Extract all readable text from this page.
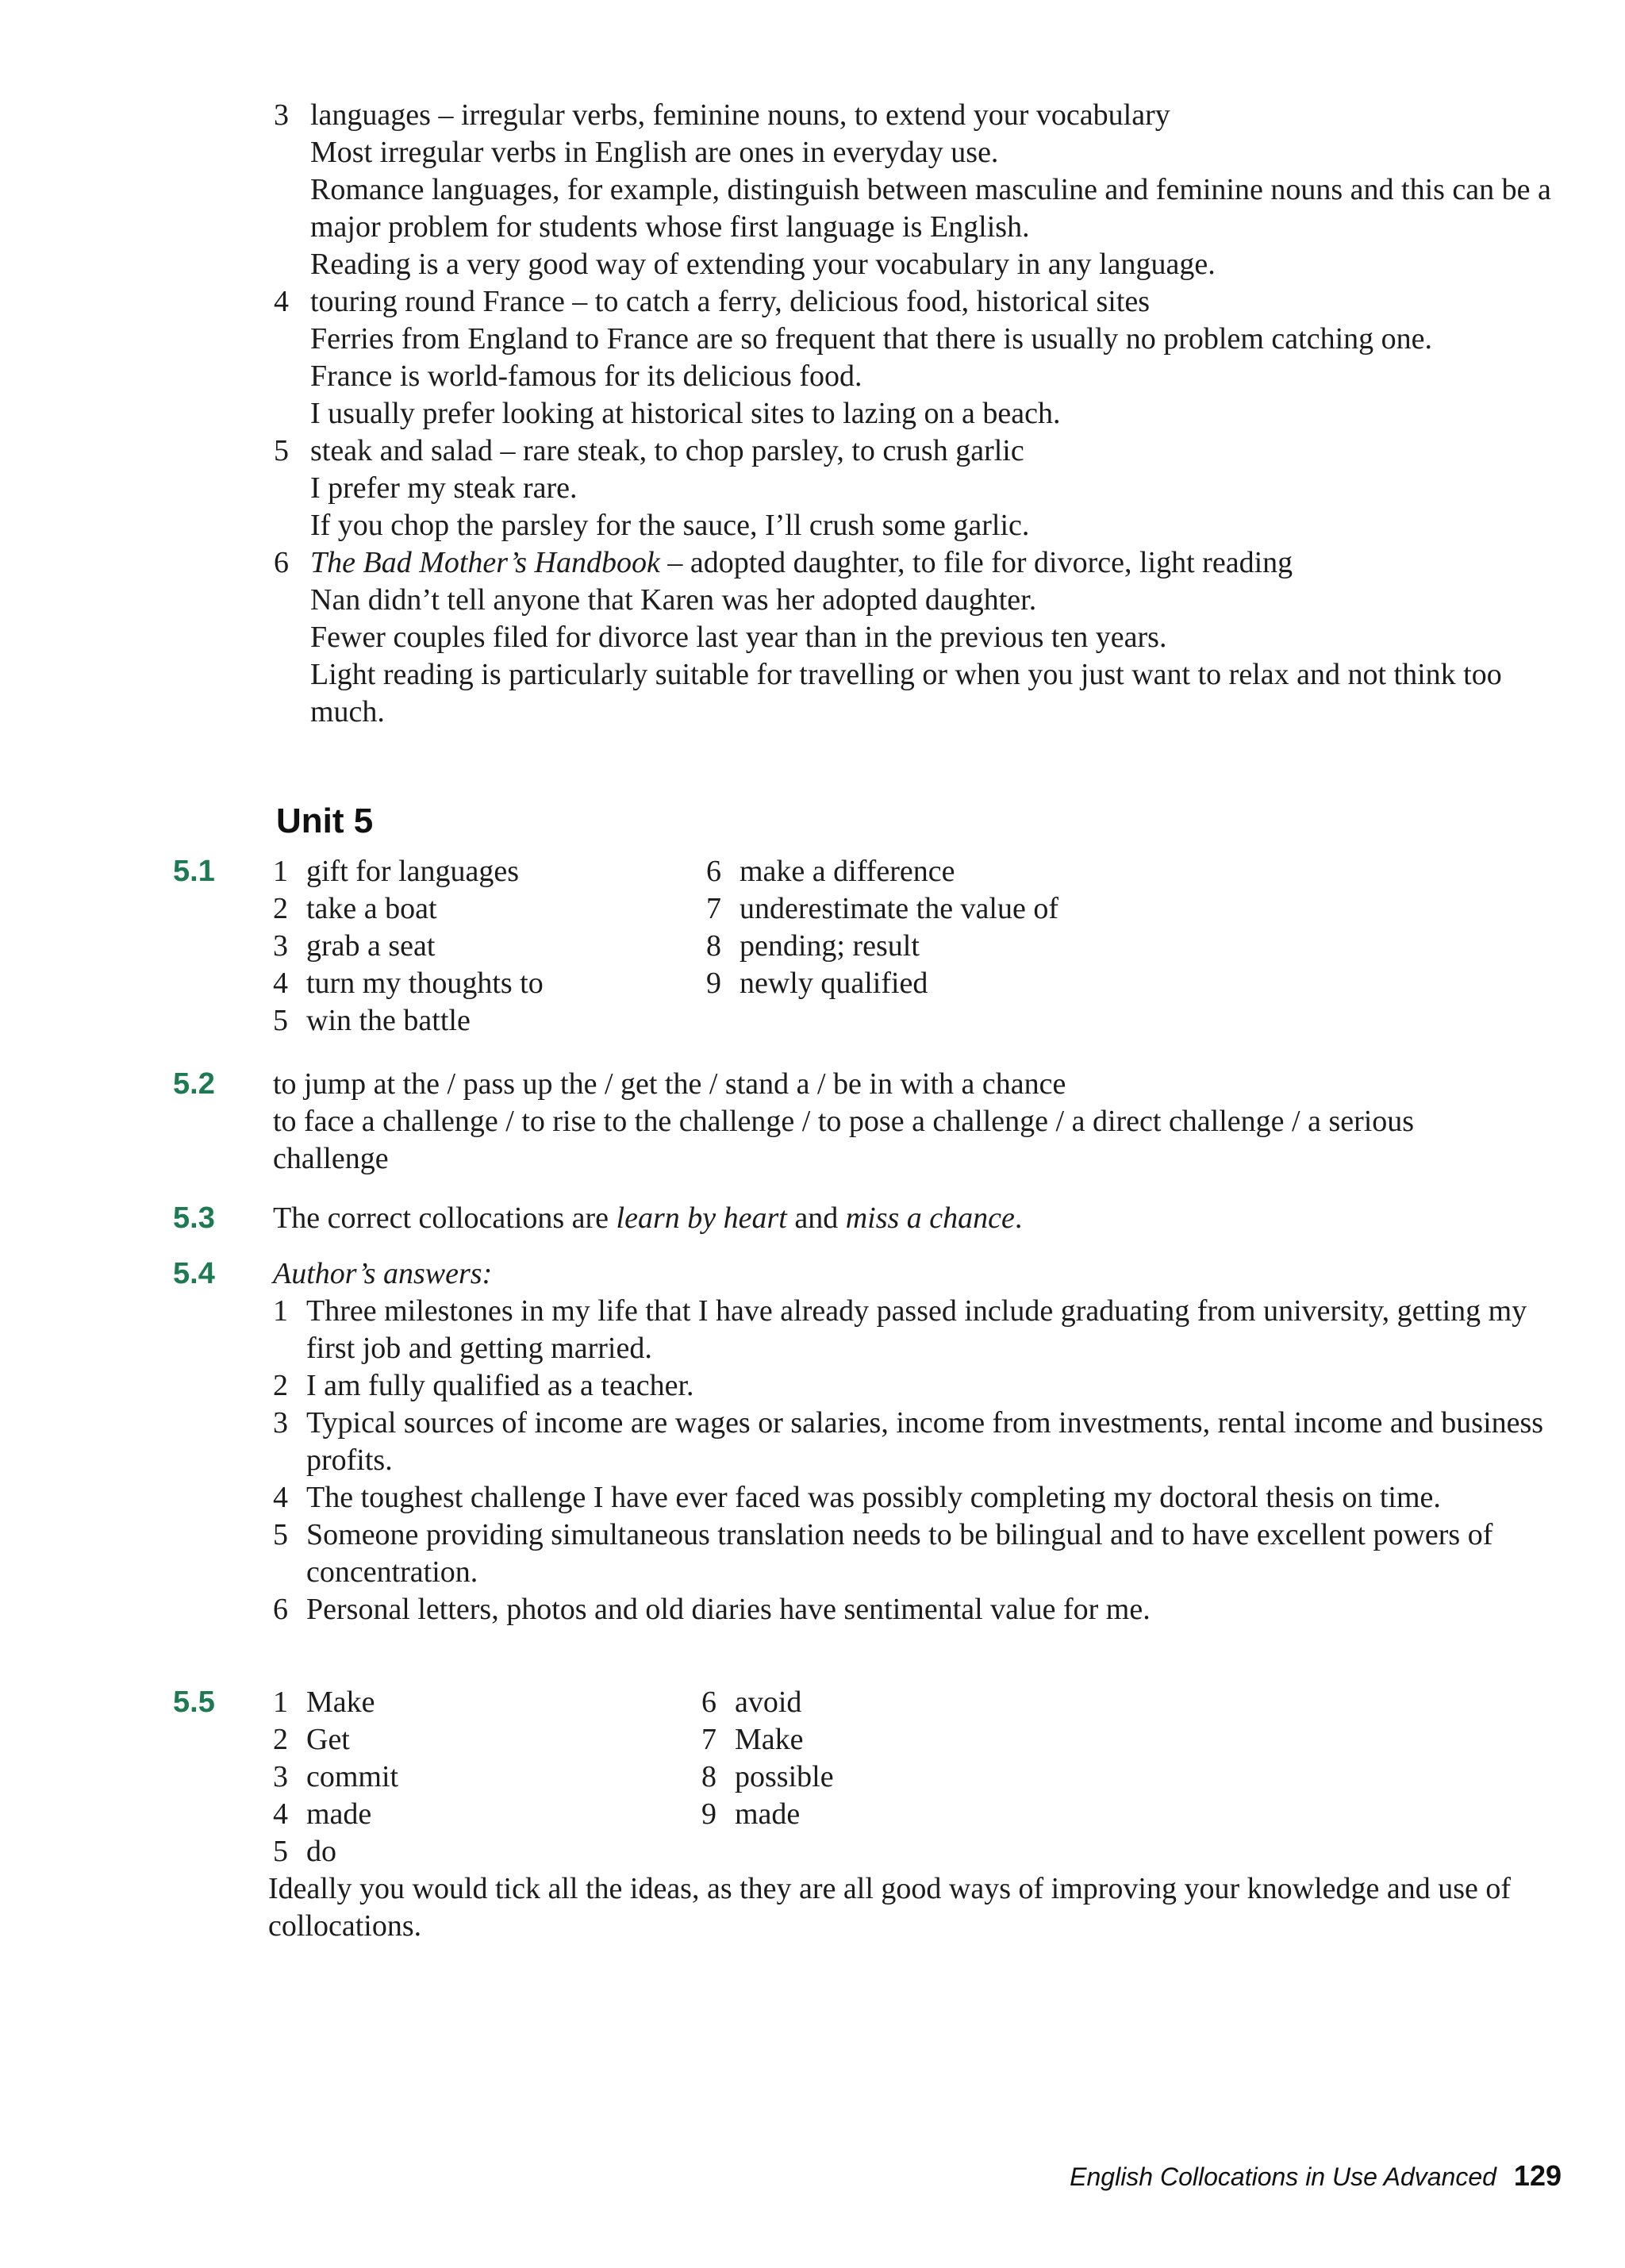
3 languages – irregular verbs, feminine nouns, to extend your vocabulary
Most irregular verbs in English are ones in everyday use.
Romance languages, for example, distinguish between masculine and feminine nouns and this can be a major problem for students whose first language is English.
Reading is a very good way of extending your vocabulary in any language.
4 touring round France – to catch a ferry, delicious food, historical sites
Ferries from England to France are so frequent that there is usually no problem catching one.
France is world-famous for its delicious food.
I usually prefer looking at historical sites to lazing on a beach.
5 steak and salad – rare steak, to chop parsley, to crush garlic
I prefer my steak rare.
If you chop the parsley for the sauce, I’ll crush some garlic.
6 The Bad Mother’s Handbook – adopted daughter, to file for divorce, light reading
Nan didn’t tell anyone that Karen was her adopted daughter.
Fewer couples filed for divorce last year than in the previous ten years.
Light reading is particularly suitable for travelling or when you just want to relax and not think too much.
Unit 5
5.1 1 gift for languages
2 take a boat
3 grab a seat
4 turn my thoughts to
5 win the battle
6 make a difference
7 underestimate the value of
8 pending; result
9 newly qualified
5.2 to jump at the / pass up the / get the / stand a / be in with a chance
to face a challenge / to rise to the challenge / to pose a challenge / a direct challenge / a serious challenge
5.3 The correct collocations are learn by heart and miss a chance.
5.4 Author’s answers:
1 Three milestones in my life that I have already passed include graduating from university, getting my first job and getting married.
2 I am fully qualified as a teacher.
3 Typical sources of income are wages or salaries, income from investments, rental income and business profits.
4 The toughest challenge I have ever faced was possibly completing my doctoral thesis on time.
5 Someone providing simultaneous translation needs to be bilingual and to have excellent powers of concentration.
6 Personal letters, photos and old diaries have sentimental value for me.
5.5 1 Make
2 Get
3 commit
4 made
5 do
6 avoid
7 Make
8 possible
9 made
Ideally you would tick all the ideas, as they are all good ways of improving your knowledge and use of collocations.
English Collocations in Use Advanced 129
